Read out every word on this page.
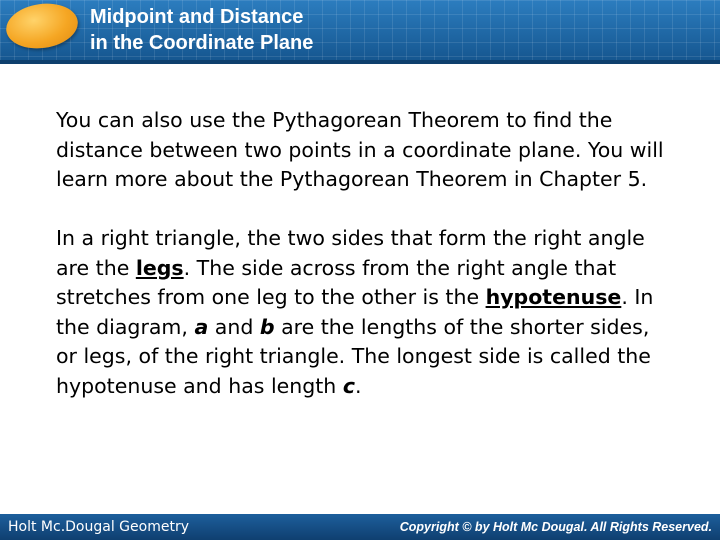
Midpoint and Distance
in the Coordinate Plane

You can also use the Pythagorean Theorem to find the distance between two points in a coordinate plane. You will learn more about the Pythagorean Theorem in Chapter 5.

In a right triangle, the two sides that form the right angle are the legs. The side across from the right angle that stretches from one leg to the other is the hypotenuse. In the diagram, a and b are the lengths of the shorter sides, or legs, of the right triangle. The longest side is called the hypotenuse and has length c.

Holt Mc.Dougal Geometry	Copyright © by Holt Mc Dougal. All Rights Reserved.
